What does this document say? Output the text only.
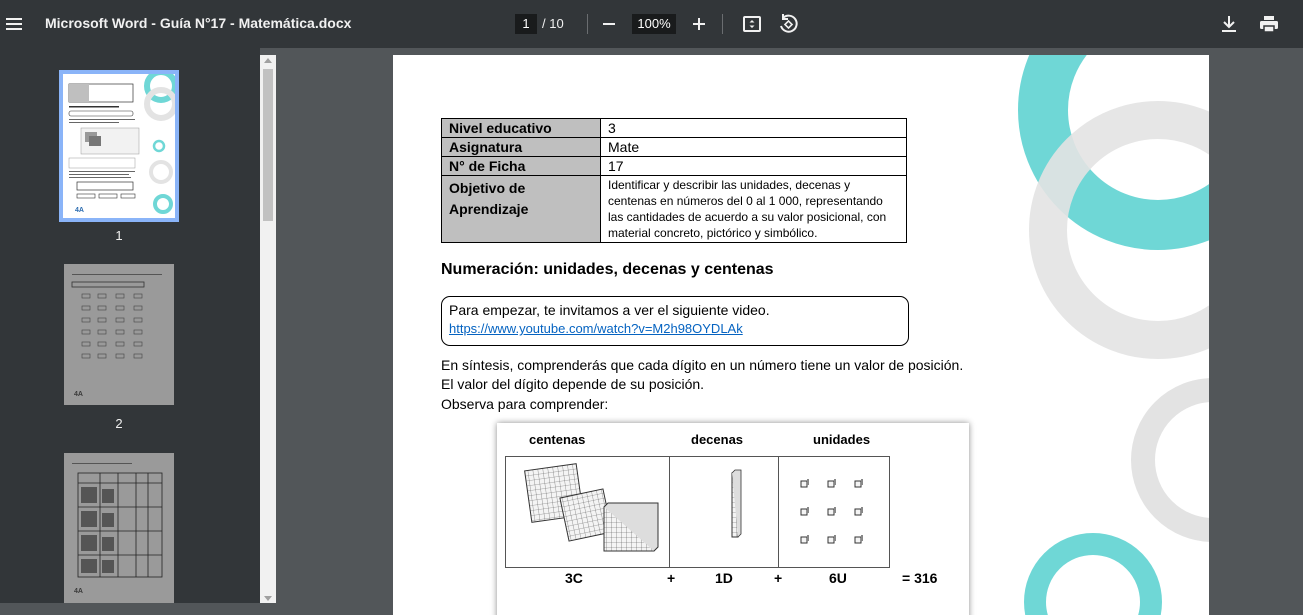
Microsoft Word - Guía N°17 - Matemática.docx	1 / 10	100%
4A
1
4A
2
4A
Nivel educativo	3
Asignatura	Mate
N° de Ficha	17
Objetivo de Aprendizaje	Identificar y describir las unidades, decenas y centenas en números del 0 al 1 000, representando las cantidades de acuerdo a su valor posicional, con material concreto, pictórico y simbólico.
Numeración: unidades, decenas y centenas
Para empezar, te invitamos a ver el siguiente video.
https://www.youtube.com/watch?v=M2h98OYDLAk
En síntesis, comprenderás que cada dígito en un número tiene un valor de posición.
El valor del dígito depende de su posición.
Observa para comprender:
centenas	decenas	unidades
3C	+	1D	+	6U	= 316
